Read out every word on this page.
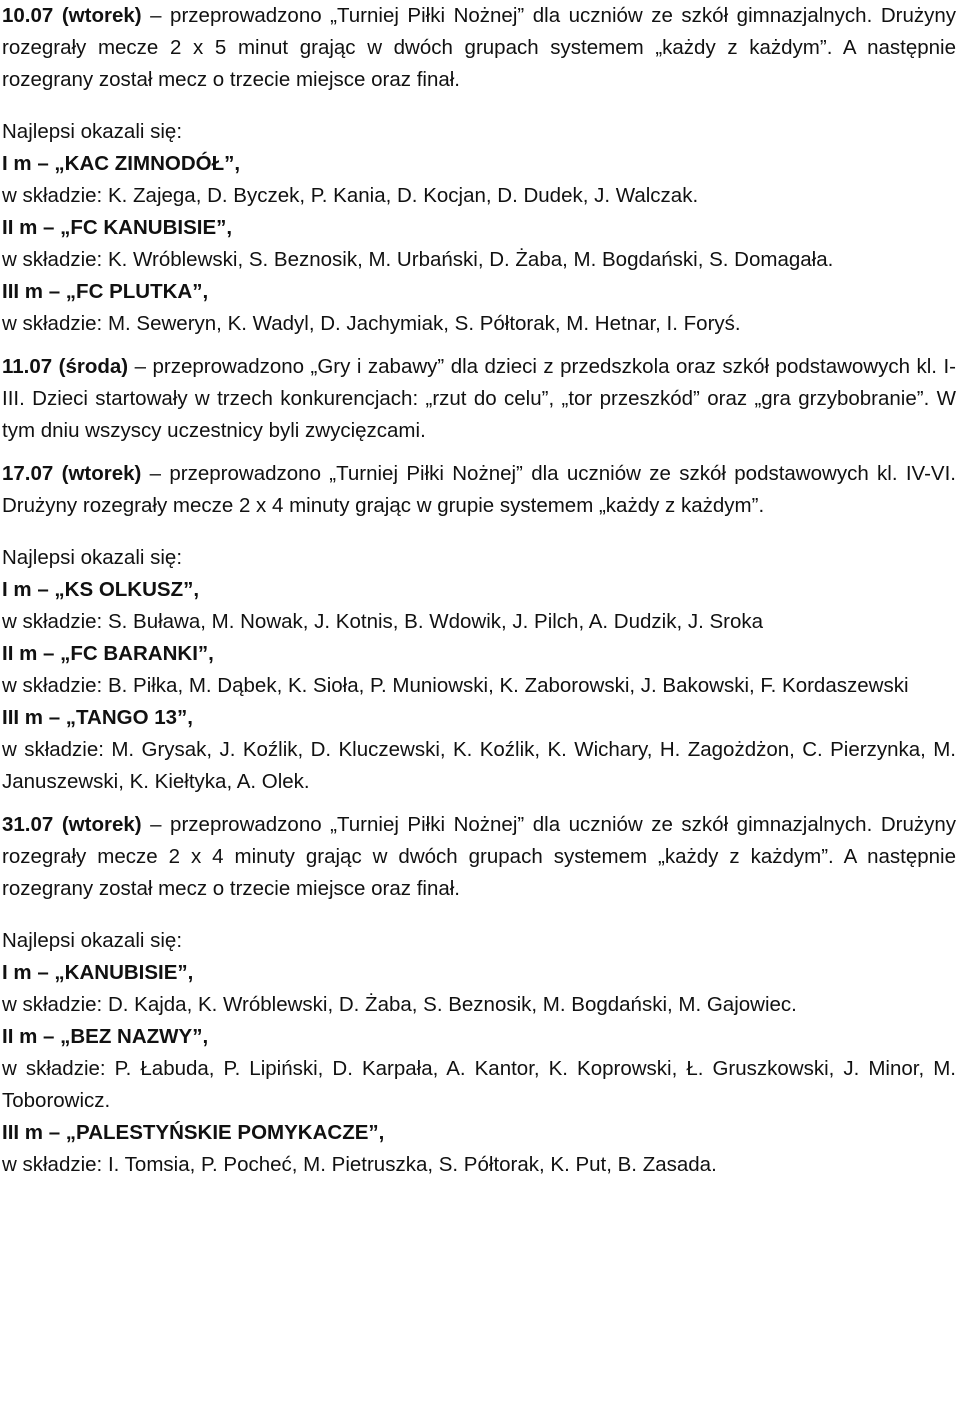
10.07 (wtorek) – przeprowadzono „Turniej Piłki Nożnej” dla uczniów ze szkół gimnazjalnych. Drużyny rozegrały mecze 2 x 5 minut grając w dwóch grupach systemem „każdy z każdym”. A następnie rozegrany został mecz o trzecie miejsce oraz finał.

Najlepsi okazali się:

I m – „KAC ZIMNODÓŁ”,

w składzie: K. Zajega, D. Byczek, P. Kania, D. Kocjan, D. Dudek, J. Walczak.

II m – „FC KANUBISIE”,

w składzie: K. Wróblewski, S. Beznosik, M. Urbański, D. Żaba, M. Bogdański, S. Domagała.

III m – „FC PLUTKA”,

w składzie: M. Seweryn, K. Wadyl, D. Jachymiak, S. Półtorak, M. Hetnar, I. Foryś.

11.07 (środa) – przeprowadzono „Gry i zabawy” dla dzieci z przedszkola oraz szkół podstawowych kl. I-III. Dzieci startowały w trzech konkurencjach: „rzut do celu”, „tor przeszkód” oraz „gra grzybobranie”. W tym dniu wszyscy uczestnicy byli zwycięzcami.

17.07 (wtorek) – przeprowadzono „Turniej Piłki Nożnej” dla uczniów ze szkół podstawowych kl. IV-VI. Drużyny rozegrały mecze 2 x 4 minuty grając w grupie systemem „każdy z każdym”.

Najlepsi okazali się:

I m – „KS OLKUSZ”,

w składzie: S. Buława, M. Nowak, J. Kotnis, B. Wdowik, J. Pilch, A. Dudzik, J. Sroka

II m – „FC BARANKI”,

w składzie: B. Piłka, M. Dąbek, K. Sioła, P. Muniowski, K. Zaborowski, J. Bakowski, F. Kordaszewski

III m – „TANGO 13”,

w składzie: M. Grysak, J. Koźlik, D. Kluczewski, K. Koźlik, K. Wichary, H. Zagożdżon, C. Pierzynka, M. Januszewski, K. Kiełtyka, A. Olek.

31.07 (wtorek) – przeprowadzono „Turniej Piłki Nożnej” dla uczniów ze szkół gimnazjalnych. Drużyny rozegrały mecze 2 x 4 minuty grając w dwóch grupach systemem „każdy z każdym”. A następnie rozegrany został mecz o trzecie miejsce oraz finał.

Najlepsi okazali się:

I m – „KANUBISIE”,

w składzie: D. Kajda, K. Wróblewski, D. Żaba, S. Beznosik, M. Bogdański, M. Gajowiec.

II m – „BEZ NAZWY”,

w składzie: P. Łabuda, P. Lipiński, D. Karpała, A. Kantor, K. Koprowski, Ł. Gruszkowski, J. Minor, M. Toborowicz.

III m – „PALESTYŃSKIE POMYKACZE”,

w składzie: I. Tomsia, P. Pocheć, M. Pietruszka, S. Półtorak, K. Put, B. Zasada.
